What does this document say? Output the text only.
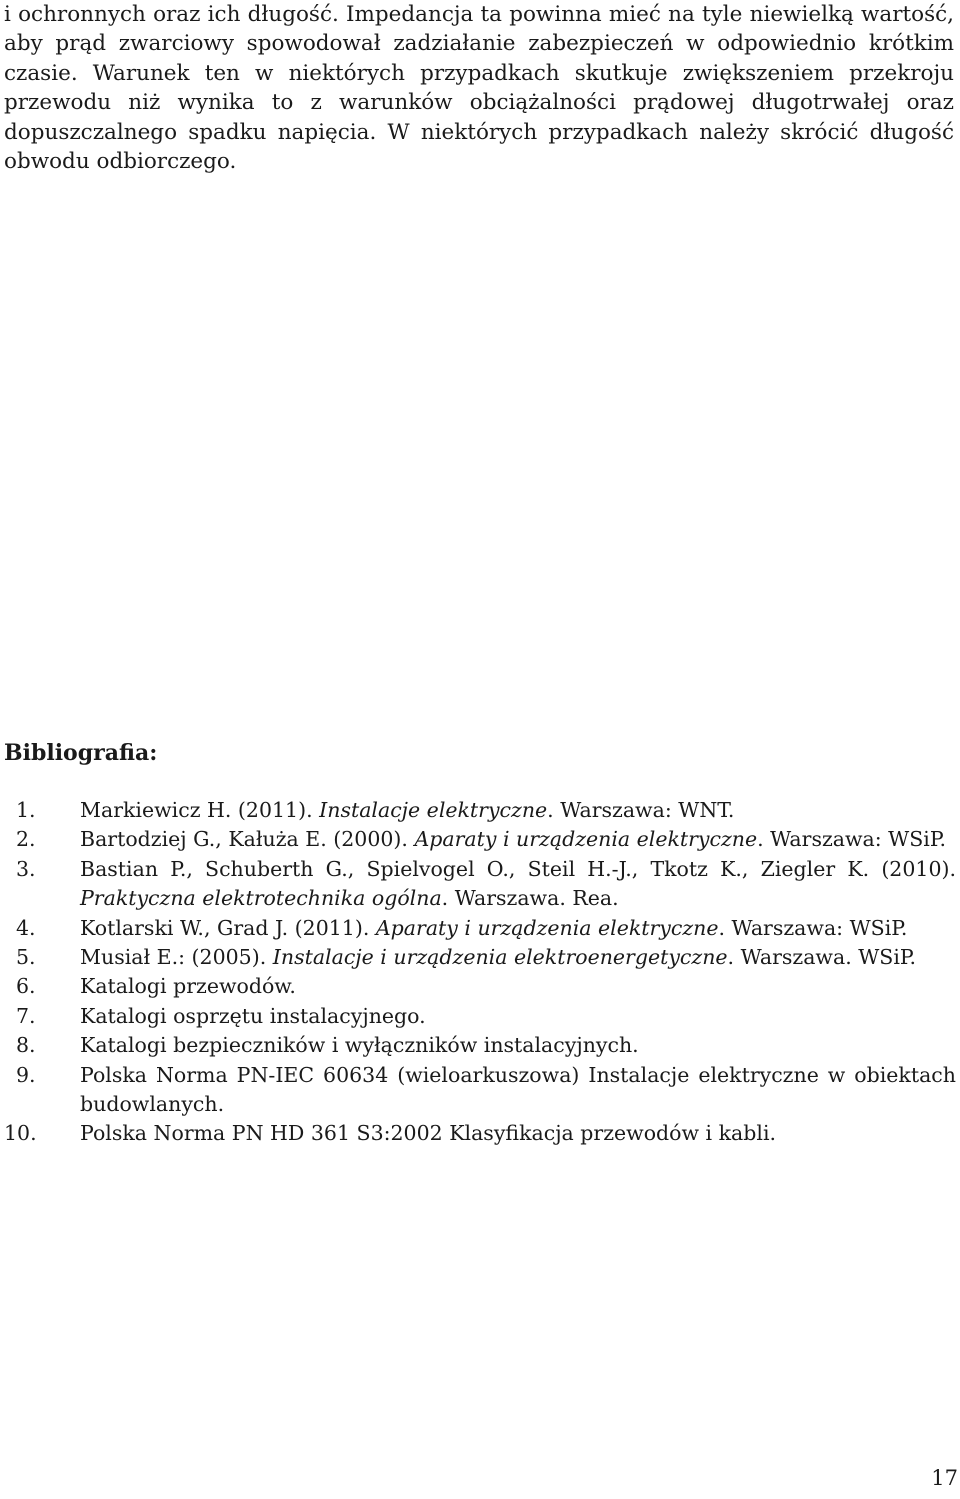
i ochronnych oraz ich długość. Impedancja ta powinna mieć na tyle niewielką wartość, aby prąd zwarciowy spowodował zadziałanie zabezpieczeń w odpowiednio krótkim czasie. Warunek ten w niektórych przypadkach skutkuje zwiększeniem przekroju przewodu niż wynika to z warunków obciążalności prądowej długotrwałej oraz dopuszczalnego spadku napięcia. W niektórych przypadkach należy skrócić długość obwodu odbiorczego.

Bibliografia:
1. Markiewicz H. (2011). Instalacje elektryczne. Warszawa: WNT.
2. Bartodziej G., Kałuża E. (2000). Aparaty i urządzenia elektryczne. Warszawa: WSiP.
3. Bastian P., Schuberth G., Spielvogel O., Steil H.-J., Tkotz K., Ziegler K. (2010). Praktyczna elektrotechnika ogólna. Warszawa. Rea.
4. Kotlarski W., Grad J. (2011). Aparaty i urządzenia elektryczne. Warszawa: WSiP.
5. Musiał E.: (2005). Instalacje i urządzenia elektroenergetyczne. Warszawa. WSiP.
6. Katalogi przewodów.
7. Katalogi osprzętu instalacyjnego.
8. Katalogi bezpieczników i wyłączników instalacyjnych.
9. Polska Norma PN-IEC 60634 (wieloarkuszowa) Instalacje elektryczne w obiektach budowlanych.
10. Polska Norma PN HD 361 S3:2002 Klasyfikacja przewodów i kabli.
17
